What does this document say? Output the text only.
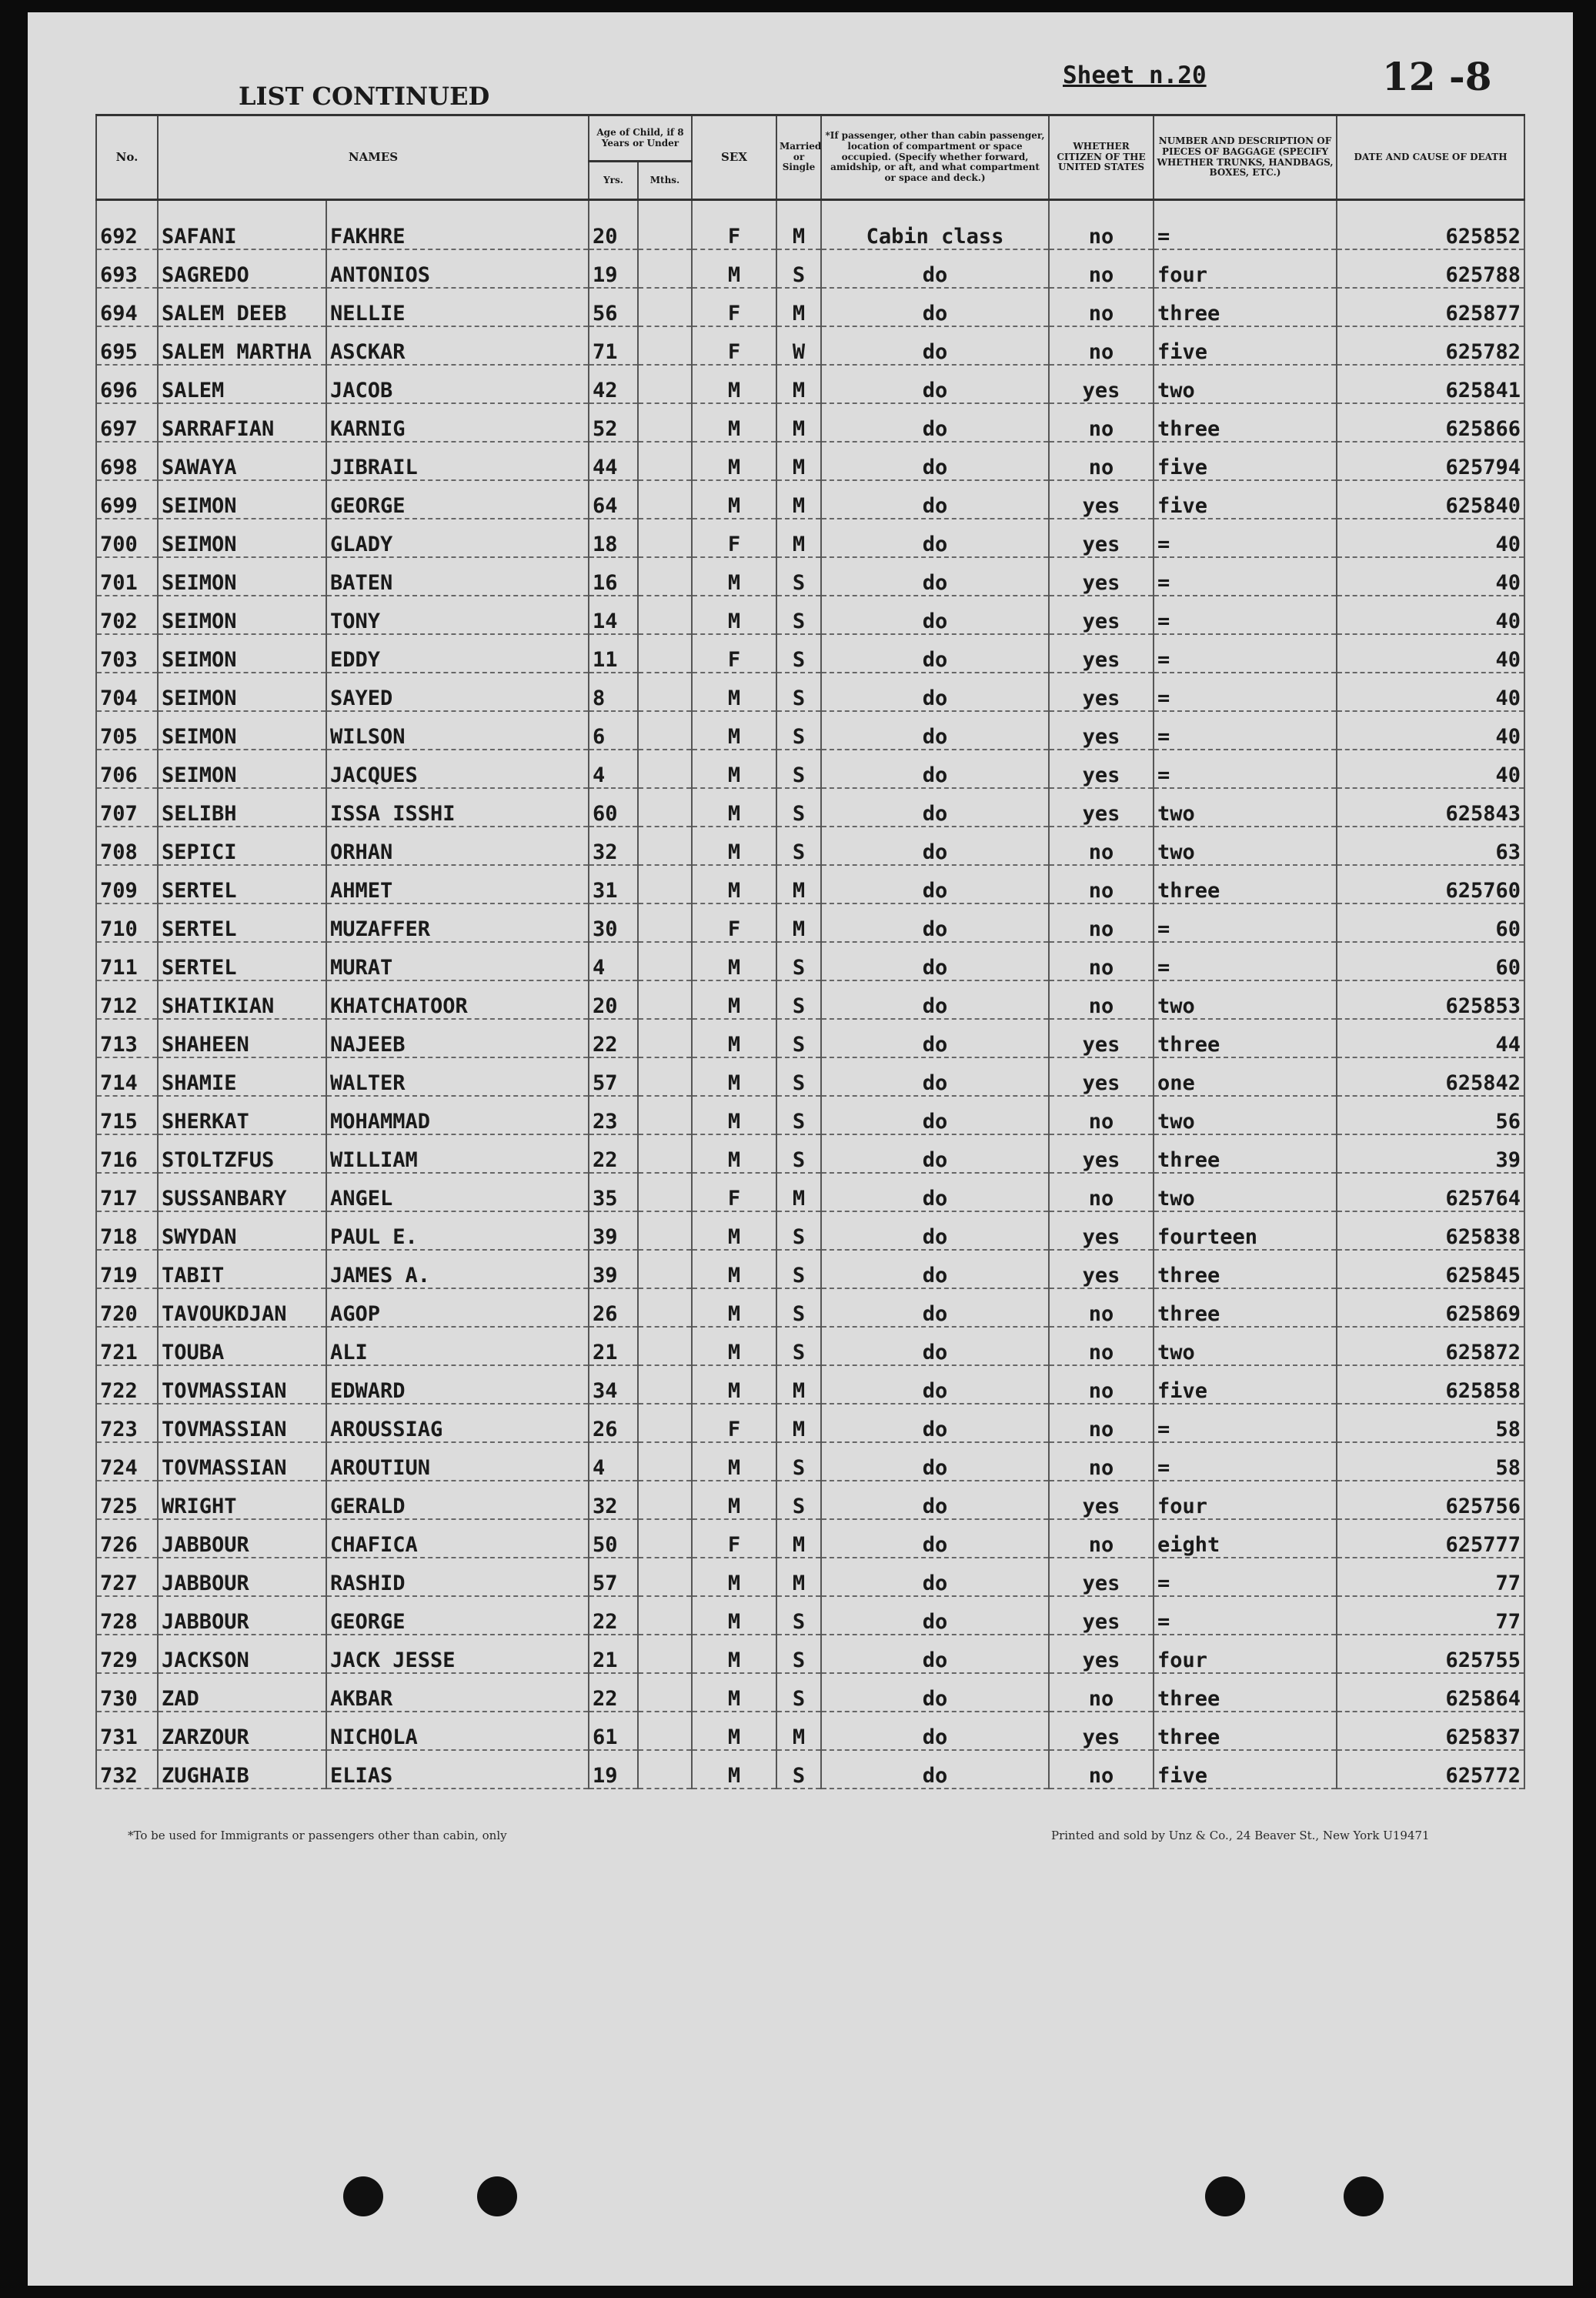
LIST CONTINUED
Sheet n.20	12 -8
No.	NAMES		Age of Child, if 8 Years or Under		SEX	Married or Single	*If passenger, other than cabin passenger, location of compartment or space occupied. (Specify whether forward, amidship, or aft, and what compartment or space and deck.)	WHETHER CITIZEN OF THE UNITED STATES	NUMBER AND DESCRIPTION OF PIECES OF BAGGAGE (SPECIFY WHETHER TRUNKS, HANDBAGS, BOXES, ETC.)	DATE AND CAUSE OF DEATH
			Yrs.	Mths.						
692	SAFANI	FAKHRE	20		F	M	Cabin class	no	=	625852
693	SAGREDO	ANTONIOS	19		M	S	do	no	four	625788
694	SALEM DEEB	NELLIE	56		F	M	do	no	three	625877
695	SALEM MARTHA	ASCKAR	71		F	W	do	no	five	625782
696	SALEM	JACOB	42		M	M	do	yes	two	625841
697	SARRAFIAN	KARNIG	52		M	M	do	no	three	625866
698	SAWAYA	JIBRAIL	44		M	M	do	no	five	625794
699	SEIMON	GEORGE	64		M	M	do	yes	five	625840
700	SEIMON	GLADY	18		F	M	do	yes	=	40
701	SEIMON	BATEN	16		M	S	do	yes	=	40
702	SEIMON	TONY	14		M	S	do	yes	=	40
703	SEIMON	EDDY	11		F	S	do	yes	=	40
704	SEIMON	SAYED	8		M	S	do	yes	=	40
705	SEIMON	WILSON	6		M	S	do	yes	=	40
706	SEIMON	JACQUES	4		M	S	do	yes	=	40
707	SELIBH	ISSA ISSHI	60		M	S	do	yes	two	625843
708	SEPICI	ORHAN	32		M	S	do	no	two	63
709	SERTEL	AHMET	31		M	M	do	no	three	625760
710	SERTEL	MUZAFFER	30		F	M	do	no	=	60
711	SERTEL	MURAT	4		M	S	do	no	=	60
712	SHATIKIAN	KHATCHATOOR	20		M	S	do	no	two	625853
713	SHAHEEN	NAJEEB	22		M	S	do	yes	three	44
714	SHAMIE	WALTER	57		M	S	do	yes	one	625842
715	SHERKAT	MOHAMMAD	23		M	S	do	no	two	56
716	STOLTZFUS	WILLIAM	22		M	S	do	yes	three	39
717	SUSSANBARY	ANGEL	35		F	M	do	no	two	625764
718	SWYDAN	PAUL E.	39		M	S	do	yes	fourteen	625838
719	TABIT	JAMES A.	39		M	S	do	yes	three	625845
720	TAVOUKDJAN	AGOP	26		M	S	do	no	three	625869
721	TOUBA	ALI	21		M	S	do	no	two	625872
722	TOVMASSIAN	EDWARD	34		M	M	do	no	five	625858
723	TOVMASSIAN	AROUSSIAG	26		F	M	do	no	=	58
724	TOVMASSIAN	AROUTIUN	4		M	S	do	no	=	58
725	WRIGHT	GERALD	32		M	S	do	yes	four	625756
726	JABBOUR	CHAFICA	50		F	M	do	no	eight	625777
727	JABBOUR	RASHID	57		M	M	do	yes	=	77
728	JABBOUR	GEORGE	22		M	S	do	yes	=	77
729	JACKSON	JACK JESSE	21		M	S	do	yes	four	625755
730	ZAD	AKBAR	22		M	S	do	no	three	625864
731	ZARZOUR	NICHOLA	61		M	M	do	yes	three	625837
732	ZUGHAIB	ELIAS	19		M	S	do	no	five	625772
*To be used for Immigrants or passengers other than cabin, only	Printed and sold by Unz & Co., 24 Beaver St., New York U19471
